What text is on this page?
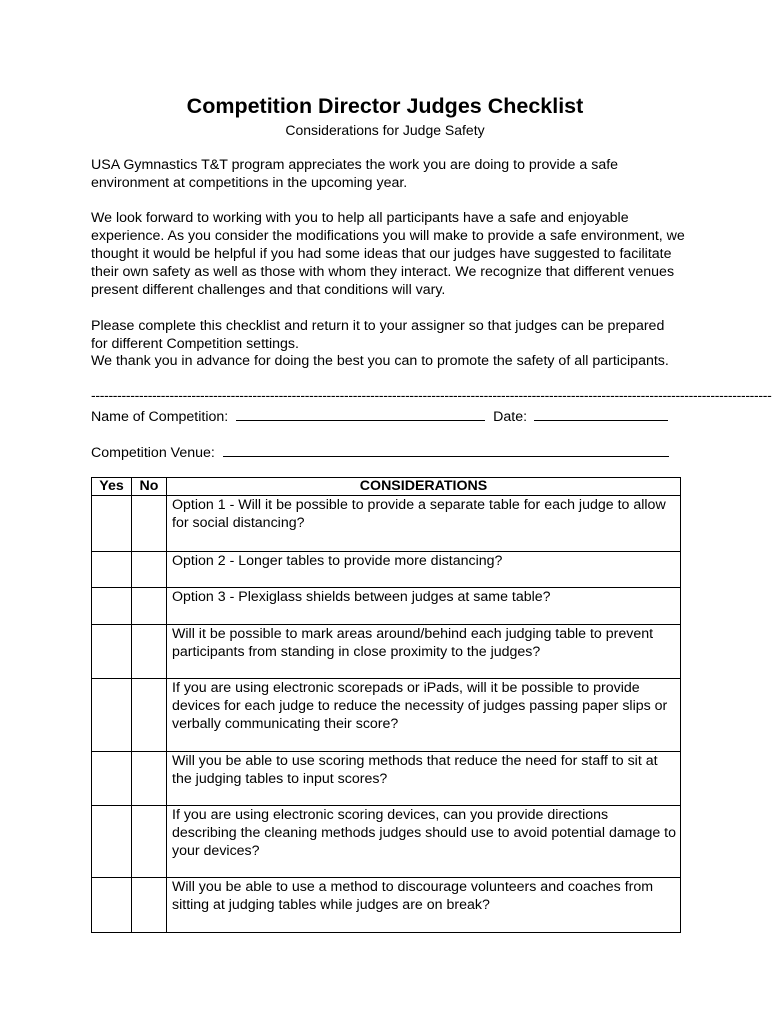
Competition Director Judges Checklist
Considerations for Judge Safety

USA Gymnastics T&T program appreciates the work you are doing to provide a safe environment at competitions in the upcoming year.

We look forward to working with you to help all participants have a safe and enjoyable experience. As you consider the modifications you will make to provide a safe environment, we thought it would be helpful if you had some ideas that our judges have suggested to facilitate their own safety as well as those with whom they interact. We recognize that different venues present different challenges and that conditions will vary.

Please complete this checklist and return it to your assigner so that judges can be prepared for different Competition settings.

We thank you in advance for doing the best you can to promote the safety of all participants.

------------------------------------------------------------------------------------------------------------------------------------------------------------
Name of Competition:	Date:
Competition Venue:
Yes	No	CONSIDERATIONS

		Option 1 - Will it be possible to provide a separate table for each judge to allow for social distancing?

		Option 2 - Longer tables to provide more distancing?

		Option 3 - Plexiglass shields between judges at same table?

		Will it be possible to mark areas around/behind each judging table to prevent participants from standing in close proximity to the judges?

		If you are using electronic scorepads or iPads, will it be possible to provide devices for each judge to reduce the necessity of judges passing paper slips or verbally communicating their score?

		Will you be able to use scoring methods that reduce the need for staff to sit at the judging tables to input scores?

		If you are using electronic scoring devices, can you provide directions describing the cleaning methods judges should use to avoid potential damage to your devices?

		Will you be able to use a method to discourage volunteers and coaches from sitting at judging tables while judges are on break?
